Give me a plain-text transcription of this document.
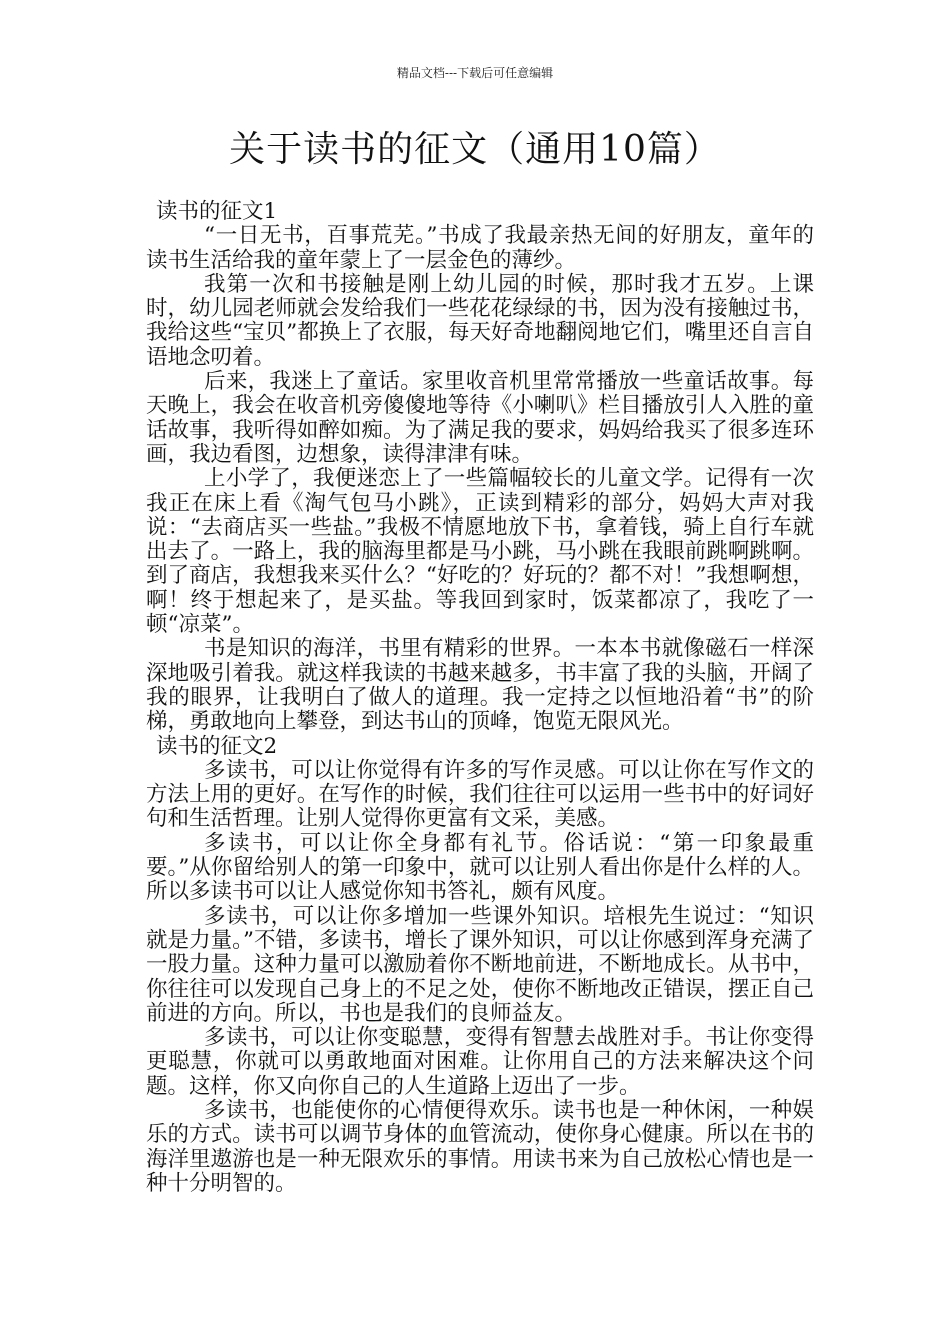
精品文档---下载后可任意编辑
关于读书的征文（通用10篇）

读书的征文1

“一日无书，百事荒芜。”书成了我最亲热无间的好朋友，童年的读书生活给我的童年蒙上了一层金色的薄纱。

我第一次和书接触是刚上幼儿园的时候，那时我才五岁。上课时，幼儿园老师就会发给我们一些花花绿绿的书，因为没有接触过书，我给这些“宝贝”都换上了衣服，每天好奇地翻阅地它们，嘴里还自言自语地念叨着。

后来，我迷上了童话。家里收音机里常常播放一些童话故事。每天晚上，我会在收音机旁傻傻地等待《小喇叭》栏目播放引人入胜的童话故事，我听得如醉如痴。为了满足我的要求，妈妈给我买了很多连环画，我边看图，边想象，读得津津有味。

上小学了，我便迷恋上了一些篇幅较长的儿童文学。记得有一次我正在床上看《淘气包马小跳》，正读到精彩的部分，妈妈大声对我说：“去商店买一些盐。”我极不情愿地放下书，拿着钱，骑上自行车就出去了。一路上，我的脑海里都是马小跳，马小跳在我眼前跳啊跳啊。到了商店，我想我来买什么？“好吃的？好玩的？都不对！”我想啊想，啊！终于想起来了，是买盐。等我回到家时，饭菜都凉了，我吃了一顿“凉菜”。

书是知识的海洋，书里有精彩的世界。一本本书就像磁石一样深深地吸引着我。就这样我读的书越来越多，书丰富了我的头脑，开阔了我的眼界，让我明白了做人的道理。我一定持之以恒地沿着“书”的阶梯，勇敢地向上攀登，到达书山的顶峰，饱览无限风光。

读书的征文2

多读书，可以让你觉得有许多的写作灵感。可以让你在写作文的方法上用的更好。在写作的时候，我们往往可以运用一些书中的好词好句和生活哲理。让别人觉得你更富有文采，美感。

多读书，可以让你全身都有礼节。俗话说：“第一印象最重要。”从你留给别人的第一印象中，就可以让别人看出你是什么样的人。所以多读书可以让人感觉你知书答礼，颇有风度。

多读书，可以让你多增加一些课外知识。培根先生说过：“知识就是力量。”不错，多读书，增长了课外知识，可以让你感到浑身充满了一股力量。这种力量可以激励着你不断地前进，不断地成长。从书中，你往往可以发现自己身上的不足之处，使你不断地改正错误，摆正自己前进的方向。所以，书也是我们的良师益友。

多读书，可以让你变聪慧，变得有智慧去战胜对手。书让你变得更聪慧，你就可以勇敢地面对困难。让你用自己的方法来解决这个问题。这样，你又向你自己的人生道路上迈出了一步。

多读书，也能使你的心情便得欢乐。读书也是一种休闲，一种娱乐的方式。读书可以调节身体的血管流动，使你身心健康。所以在书的海洋里遨游也是一种无限欢乐的事情。用读书来为自己放松心情也是一种十分明智的。
